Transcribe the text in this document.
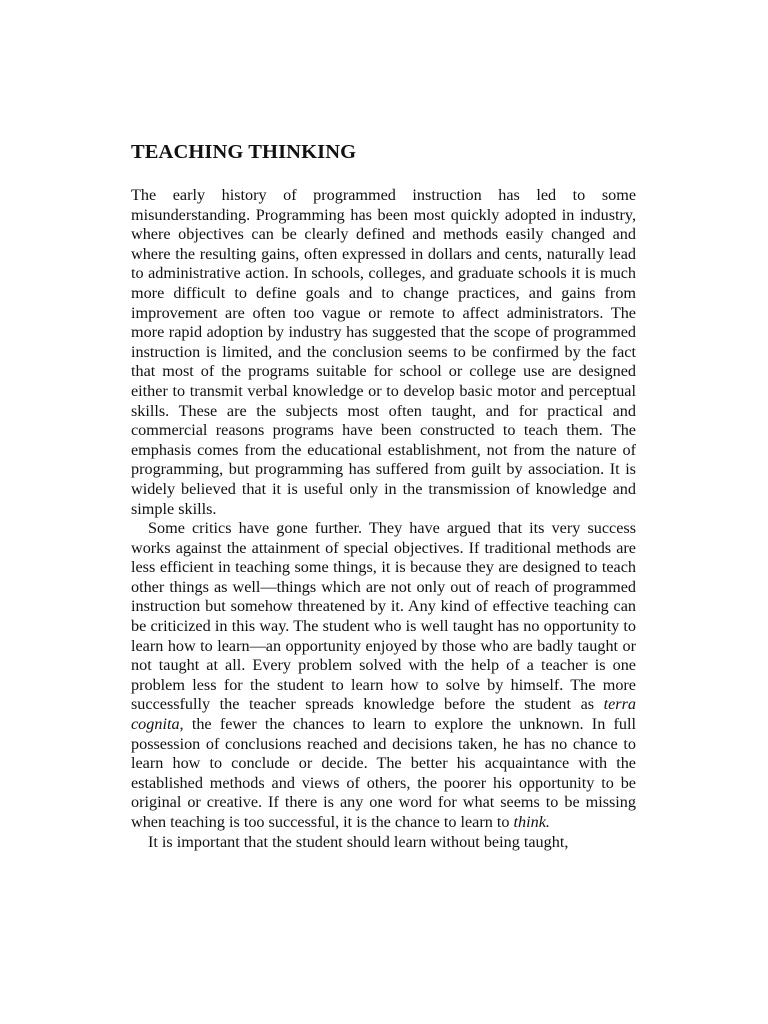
TEACHING THINKING

The early history of programmed instruction has led to some misunderstanding. Programming has been most quickly adopted in industry, where objectives can be clearly defined and methods easily changed and where the resulting gains, often expressed in dollars and cents, naturally lead to administrative action. In schools, colleges, and graduate schools it is much more difficult to define goals and to change practices, and gains from improvement are often too vague or remote to affect administrators. The more rapid adoption by industry has suggested that the scope of programmed instruction is limited, and the conclusion seems to be confirmed by the fact that most of the programs suitable for school or college use are designed either to transmit verbal knowledge or to develop basic motor and perceptual skills. These are the subjects most often taught, and for practical and commercial reasons programs have been constructed to teach them. The emphasis comes from the educational establishment, not from the nature of programming, but programming has suffered from guilt by association. It is widely believed that it is useful only in the transmission of knowledge and simple skills.

Some critics have gone further. They have argued that its very success works against the attainment of special objectives. If traditional methods are less efficient in teaching some things, it is because they are designed to teach other things as well—things which are not only out of reach of programmed instruction but somehow threatened by it. Any kind of effective teaching can be criticized in this way. The student who is well taught has no opportunity to learn how to learn—an opportunity enjoyed by those who are badly taught or not taught at all. Every problem solved with the help of a teacher is one problem less for the student to learn how to solve by himself. The more successfully the teacher spreads knowledge before the student as terra cognita, the fewer the chances to learn to explore the unknown. In full possession of conclusions reached and decisions taken, he has no chance to learn how to conclude or decide. The better his acquaintance with the established methods and views of others, the poorer his opportunity to be original or creative. If there is any one word for what seems to be missing when teaching is too successful, it is the chance to learn to think.

It is important that the student should learn without being taught,
